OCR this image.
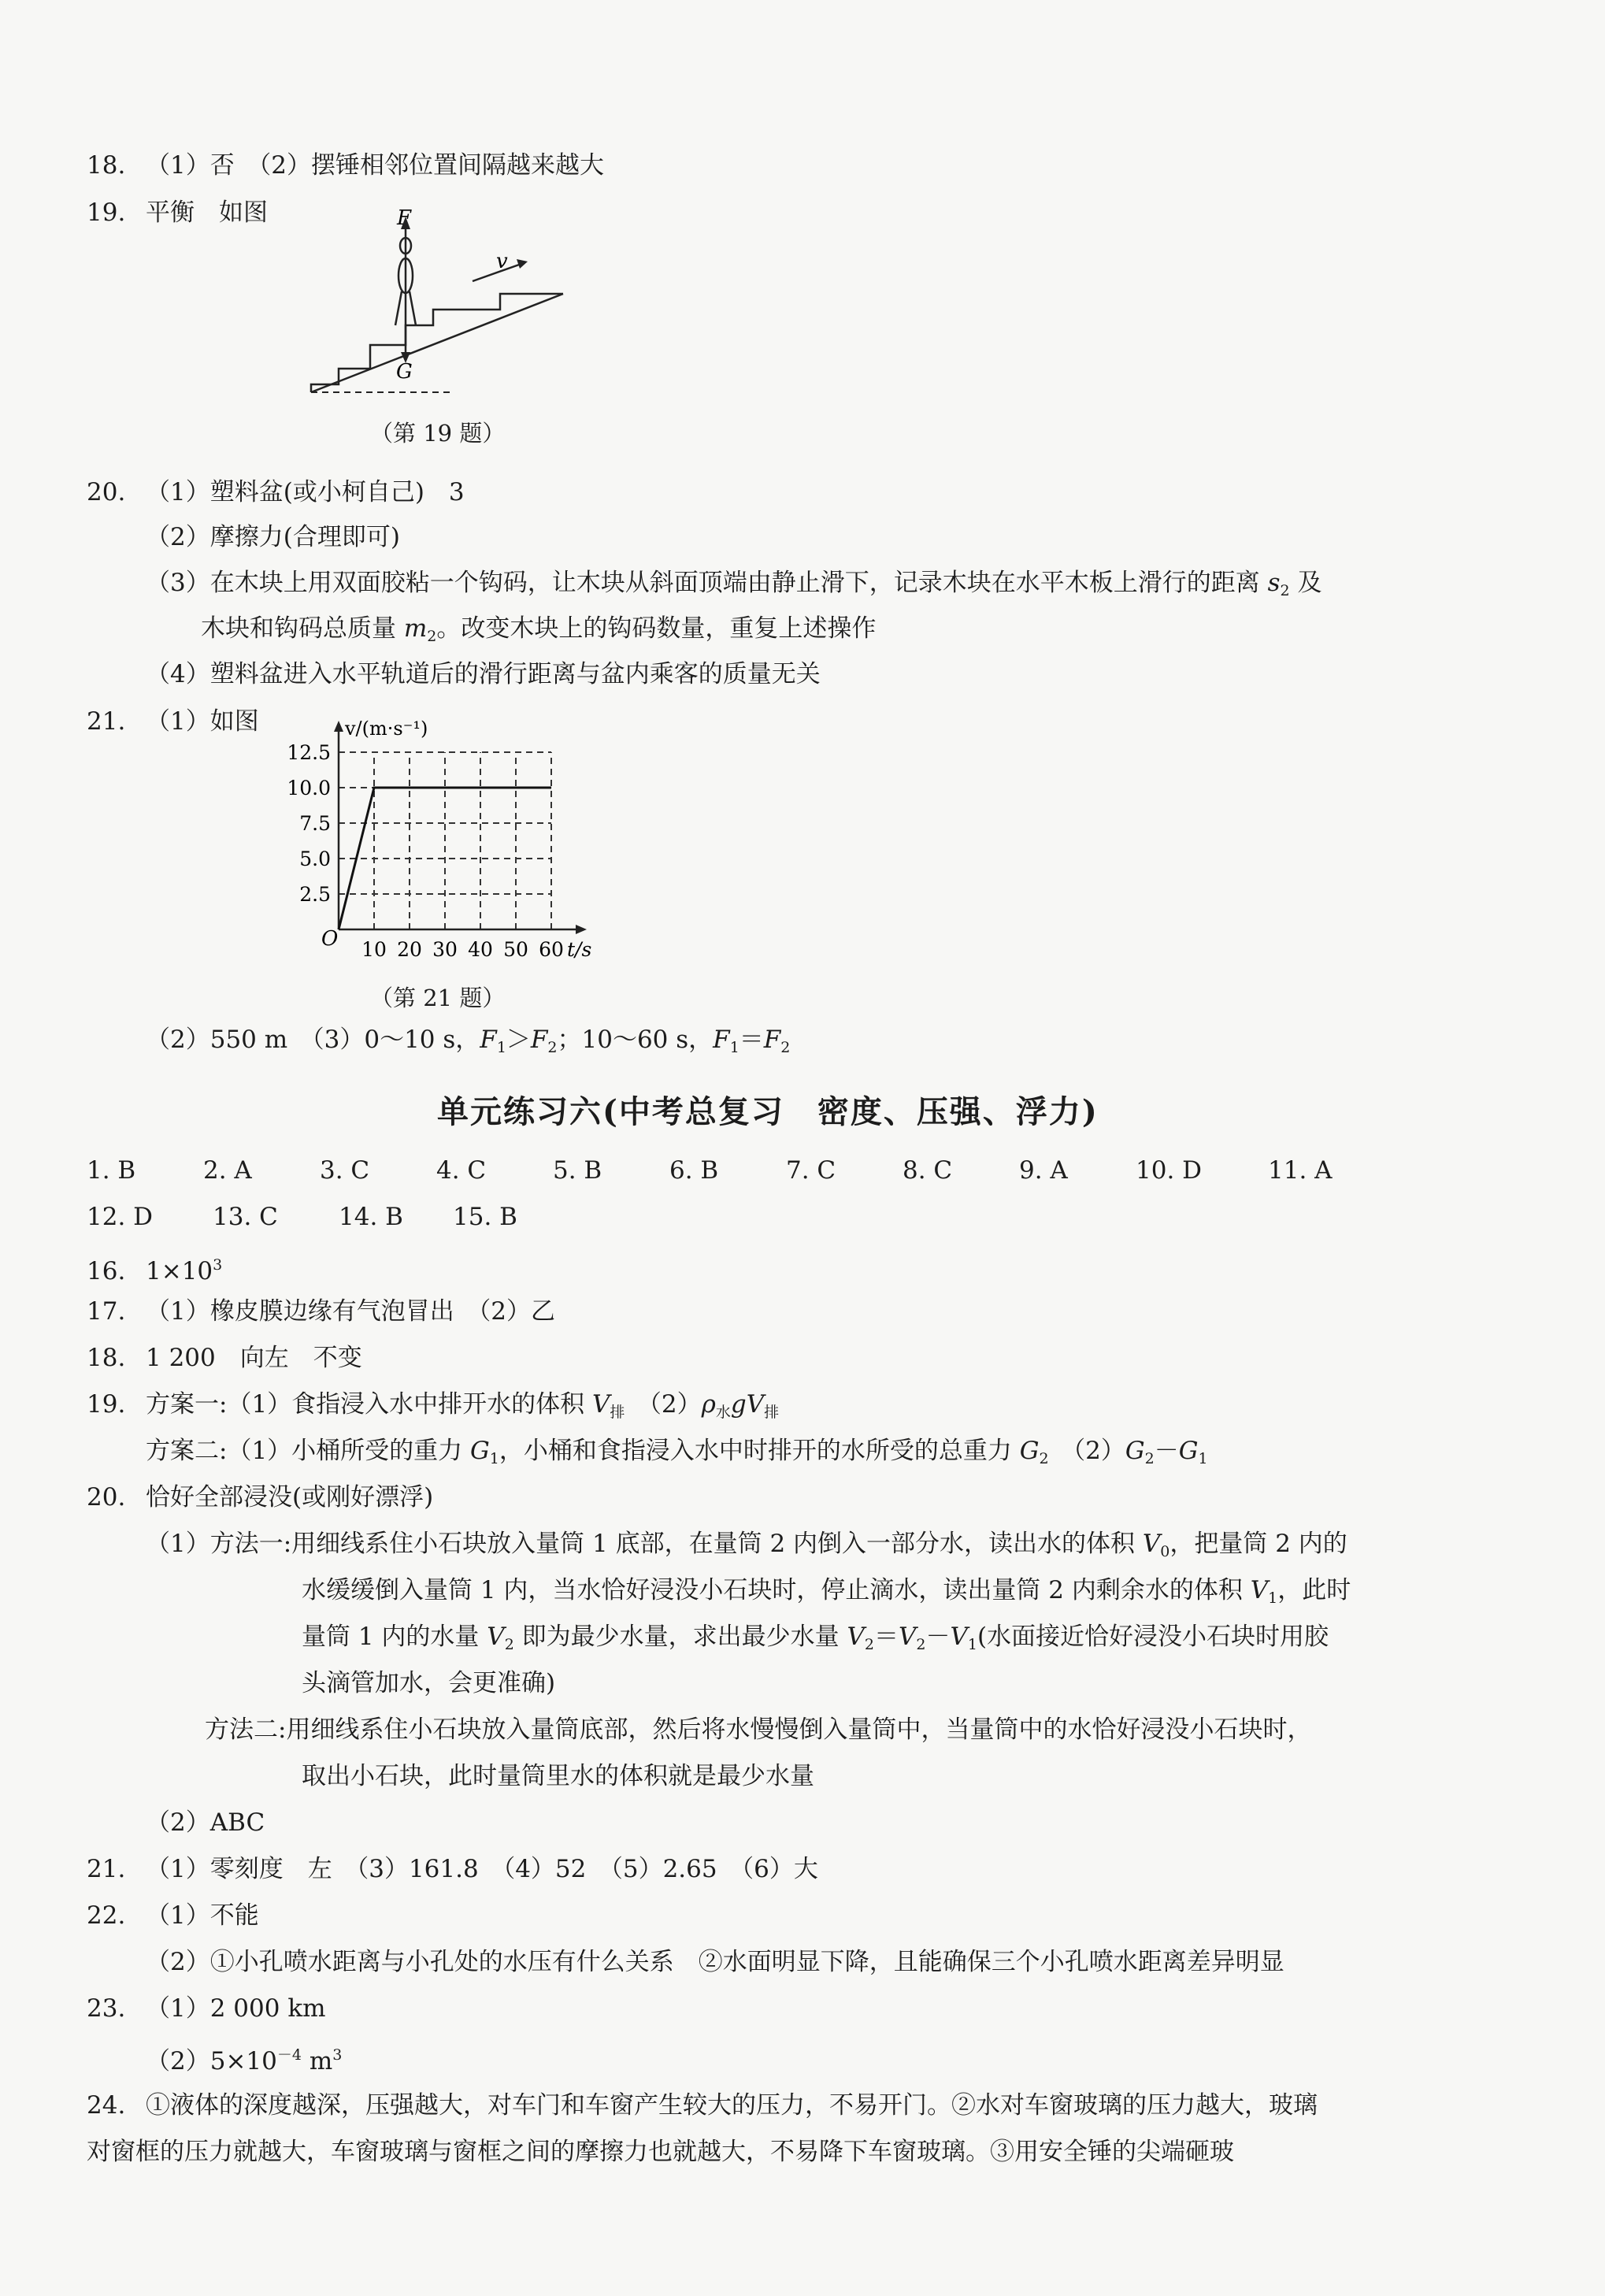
18. （1）否　（2）摆锤相邻位置间隔越来越大
19. 平衡　如图	F
G
v
（第 19 题）
20. （1）塑料盆(或小柯自己)　3
（2）摩擦力(合理即可)
（3）在木块上用双面胶粘一个钩码，让木块从斜面顶端由静止滑下，记录木块在水平木板上滑行的距离 $s_2$ 及
木块和钩码总质量 $m_2$。改变木块上的钩码数量，重复上述操作
（4）塑料盆进入水平轨道后的滑行距离与盆内乘客的质量无关
21. （1）如图
10 20 30 40 50 60
2.5
5.0
7.5
10.0
12.5
O	t/s
v/(m·s⁻¹)
（第 21 题）
（2）550 m　（3）0～10 s，$F_1>F_2$；10～60 s，$F_1=F_2$
单元练习六(中考总复习　密度、压强、浮力)
1. B	2. A	3. C	4. C	5. B	6. B	7. C	8. C	9. A	10. D	11. A
12. D 13. C 14. B 15. B
16. $1\times 10^3$
17. （1）橡皮膜边缘有气泡冒出　（2）乙
18. 1 200　向左　不变
19. 方案一:（1）食指浸入水中排开水的体积 $V_排$　$(2)\rho_水gV_排$
方案二:（1）小桶所受的重力 $G_1$，小桶和食指浸入水中时排开的水所受的总重力 $G_2$　$(2)G_2-G_1$
20. 恰好全部浸没(或刚好漂浮)
（1）方法一:用细线系住小石块放入量筒 1 底部，在量筒 2 内倒入一部分水，读出水的体积 $V_0$，把量筒 2 内的
水缓缓倒入量筒 1 内，当水恰好浸没小石块时，停止滴水，读出量筒 2 内剩余水的体积 $V_1$，此时
量筒 1 内的水量 $V_2$ 即为最少水量，求出最少水量 $V_2=V_2-V_1$(水面接近恰好浸没小石块时用胶
头滴管加水，会更准确)
方法二:用细线系住小石块放入量筒底部，然后将水慢慢倒入量筒中，当量筒中的水恰好浸没小石块时，
取出小石块，此时量筒里水的体积就是最少水量
（2）ABC
21. （1）零刻度　左　（3）161.8　（4）52　（5）2.65　（6）大
22. （1）不能
（2）①小孔喷水距离与小孔处的水压有什么关系　②水面明显下降，且能确保三个小孔喷水距离差异明显
23. （1）2 000 km
$(2)5\times 10^{-4}$ $m^3$
24. ①液体的深度越深，压强越大，对车门和车窗产生较大的压力，不易开门。②水对车窗玻璃的压力越大，玻璃
对窗框的压力就越大，车窗玻璃与窗框之间的摩擦力也就越大，不易降下车窗玻璃。③用安全锤的尖端砸玻
